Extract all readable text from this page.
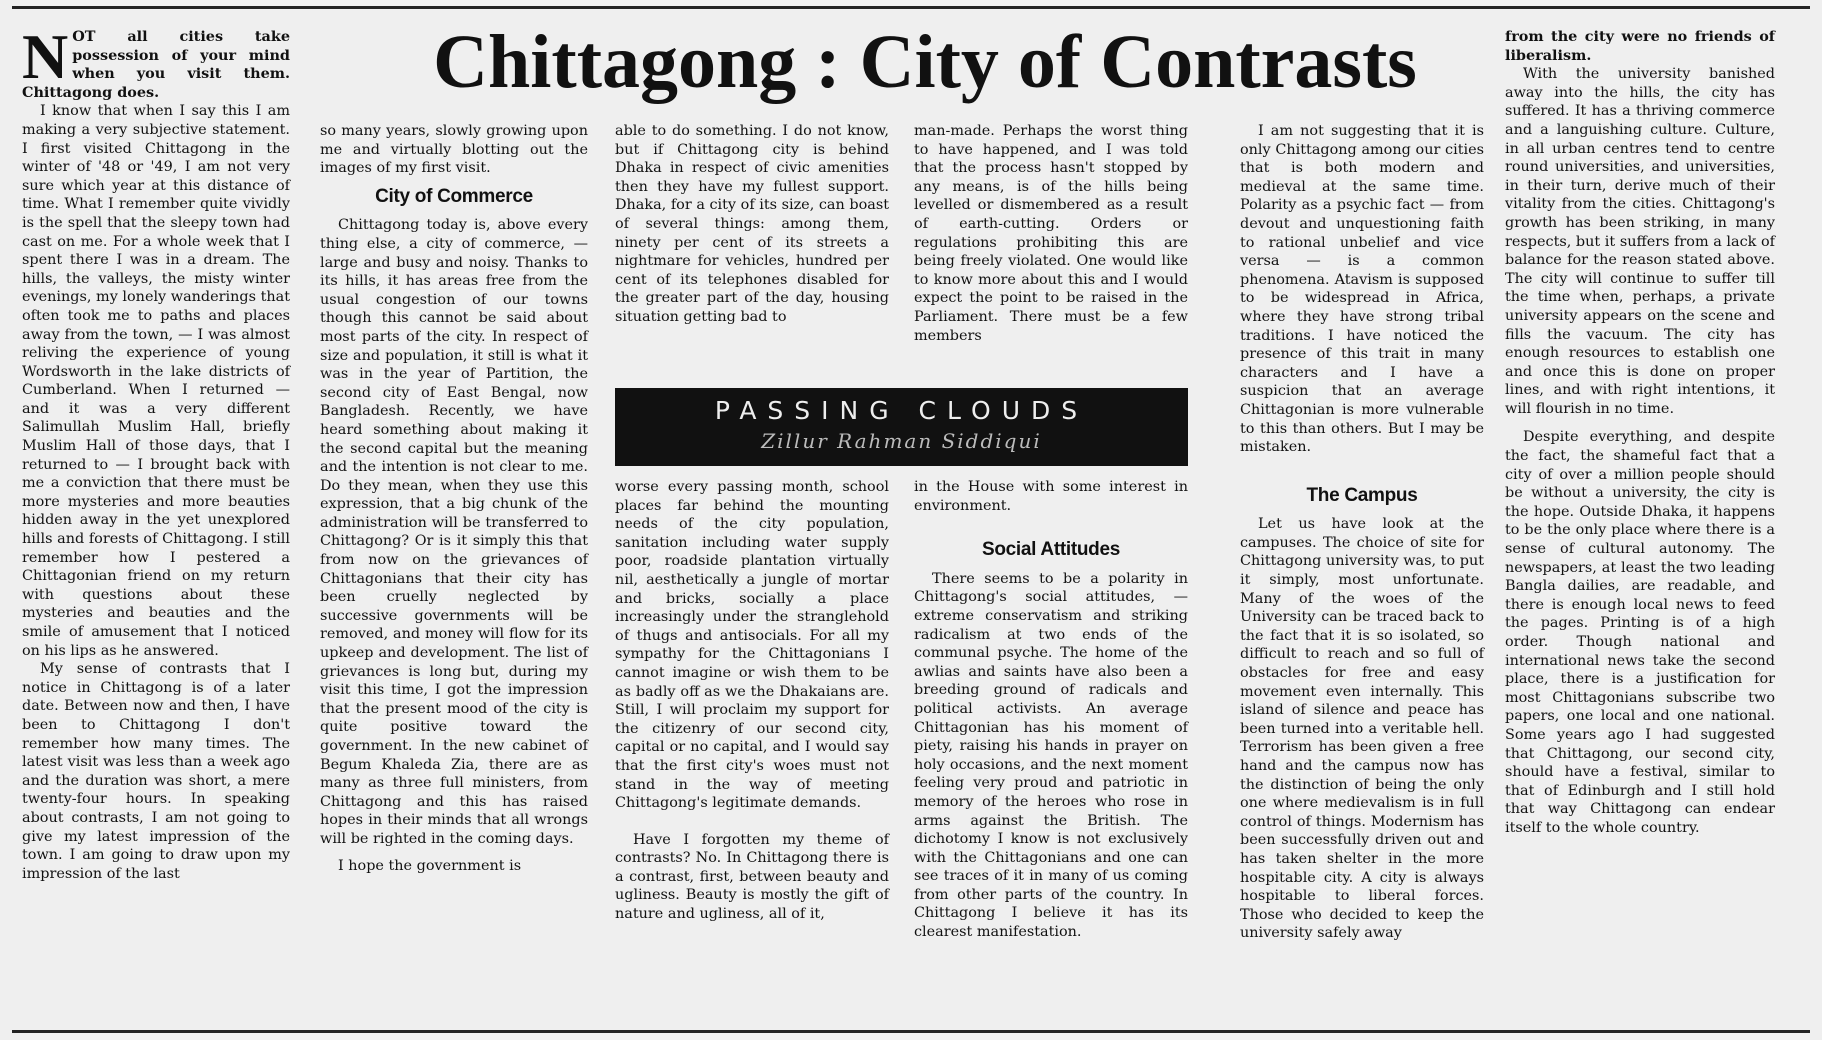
NOT all cities take possession of your mind when you visit them. Chittagong does.

I know that when I say this I am making a very subjective statement. I first visited Chittagong in the winter of '48 or '49, I am not very sure which year at this distance of time. What I remember quite vividly is the spell that the sleepy town had cast on me. For a whole week that I spent there I was in a dream. The hills, the valleys, the misty winter evenings, my lonely wanderings that often took me to paths and places away from the town, — I was almost reliving the experience of young Wordsworth in the lake districts of Cumberland. When I returned — and it was a very different Salimullah Muslim Hall, briefly Muslim Hall of those days, that I returned to — I brought back with me a conviction that there must be more mysteries and more beauties hidden away in the yet unexplored hills and forests of Chittagong. I still remember how I pestered a Chittagonian friend on my return with questions about these mysteries and beauties and the smile of amusement that I noticed on his lips as he answered.

My sense of contrasts that I notice in Chittagong is of a later date. Between now and then, I have been to Chittagong I don't remember how many times. The latest visit was less than a week ago and the duration was short, a mere twenty-four hours. In speaking about contrasts, I am not going to give my latest impression of the town. I am going to draw upon my impression of the last

Chittagong : City of Contrasts

so many years, slowly growing upon me and virtually blotting out the images of my first visit.

City of Commerce

Chittagong today is, above every thing else, a city of commerce, — large and busy and noisy. Thanks to its hills, it has areas free from the usual congestion of our towns though this cannot be said about most parts of the city. In respect of size and population, it still is what it was in the year of Partition, the second city of East Bengal, now Bangladesh. Recently, we have heard something about making it the second capital but the meaning and the intention is not clear to me. Do they mean, when they use this expression, that a big chunk of the administration will be transferred to Chittagong? Or is it simply this that from now on the grievances of Chittagonians that their city has been cruelly neglected by successive governments will be removed, and money will flow for its upkeep and development. The list of grievances is long but, during my visit this time, I got the impression that the present mood of the city is quite positive toward the government. In the new cabinet of Begum Khaleda Zia, there are as many as three full ministers, from Chittagong and this has raised hopes in their minds that all wrongs will be righted in the coming days.

I hope the government is

able to do something. I do not know, but if Chittagong city is behind Dhaka in respect of civic amenities then they have my fullest support. Dhaka, for a city of its size, can boast of several things: among them, ninety per cent of its streets a nightmare for vehicles, hundred per cent of its telephones disabled for the greater part of the day, housing situation getting bad to

man-made. Perhaps the worst thing to have happened, and I was told that the process hasn't stopped by any means, is of the hills being levelled or dismembered as a result of earth-cutting. Orders or regulations prohibiting this are being freely violated. One would like to know more about this and I would expect the point to be raised in the Parliament. There must be a few members

PASSING CLOUDS
Zillur Rahman Siddiqui

worse every passing month, school places far behind the mounting needs of the city population, sanitation including water supply poor, roadside plantation virtually nil, aesthetically a jungle of mortar and bricks, socially a place increasingly under the stranglehold of thugs and antisocials. For all my sympathy for the Chittagonians I cannot imagine or wish them to be as badly off as we the Dhakaians are. Still, I will proclaim my support for the citizenry of our second city, capital or no capital, and I would say that the first city's woes must not stand in the way of meeting Chittagong's legitimate demands.

Have I forgotten my theme of contrasts? No. In Chittagong there is a contrast, first, between beauty and ugliness. Beauty is mostly the gift of nature and ugliness, all of it,

in the House with some interest in environment.

Social Attitudes

There seems to be a polarity in Chittagong's social attitudes, — extreme conservatism and striking radicalism at two ends of the communal psyche. The home of the awlias and saints have also been a breeding ground of radicals and political activists. An average Chittagonian has his moment of piety, raising his hands in prayer on holy occasions, and the next moment feeling very proud and patriotic in memory of the heroes who rose in arms against the British. The dichotomy I know is not exclusively with the Chittagonians and one can see traces of it in many of us coming from other parts of the country. In Chittagong I believe it has its clearest manifestation.

I am not suggesting that it is only Chittagong among our cities that is both modern and medieval at the same time. Polarity as a psychic fact — from devout and unquestioning faith to rational unbelief and vice versa — is a common phenomena. Atavism is supposed to be widespread in Africa, where they have strong tribal traditions. I have noticed the presence of this trait in many characters and I have a suspicion that an average Chittagonian is more vulnerable to this than others. But I may be mistaken.

The Campus

Let us have look at the campuses. The choice of site for Chittagong university was, to put it simply, most unfortunate. Many of the woes of the University can be traced back to the fact that it is so isolated, so difficult to reach and so full of obstacles for free and easy movement even internally. This island of silence and peace has been turned into a veritable hell. Terrorism has been given a free hand and the campus now has the distinction of being the only one where medievalism is in full control of things. Modernism has been successfully driven out and has taken shelter in the more hospitable city. A city is always hospitable to liberal forces. Those who decided to keep the university safely away

from the city were no friends of liberalism.

With the university banished away into the hills, the city has suffered. It has a thriving commerce and a languishing culture. Culture, in all urban centres tend to centre round universities, and universities, in their turn, derive much of their vitality from the cities. Chittagong's growth has been striking, in many respects, but it suffers from a lack of balance for the reason stated above. The city will continue to suffer till the time when, perhaps, a private university appears on the scene and fills the vacuum. The city has enough resources to establish one and once this is done on proper lines, and with right intentions, it will flourish in no time.

Despite everything, and despite the fact, the shameful fact that a city of over a million people should be without a university, the city is the hope. Outside Dhaka, it happens to be the only place where there is a sense of cultural autonomy. The newspapers, at least the two leading Bangla dailies, are readable, and there is enough local news to feed the pages. Printing is of a high order. Though national and international news take the second place, there is a justification for most Chittagonians subscribe two papers, one local and one national. Some years ago I had suggested that Chittagong, our second city, should have a festival, similar to that of Edinburgh and I still hold that way Chittagong can endear itself to the whole country.
